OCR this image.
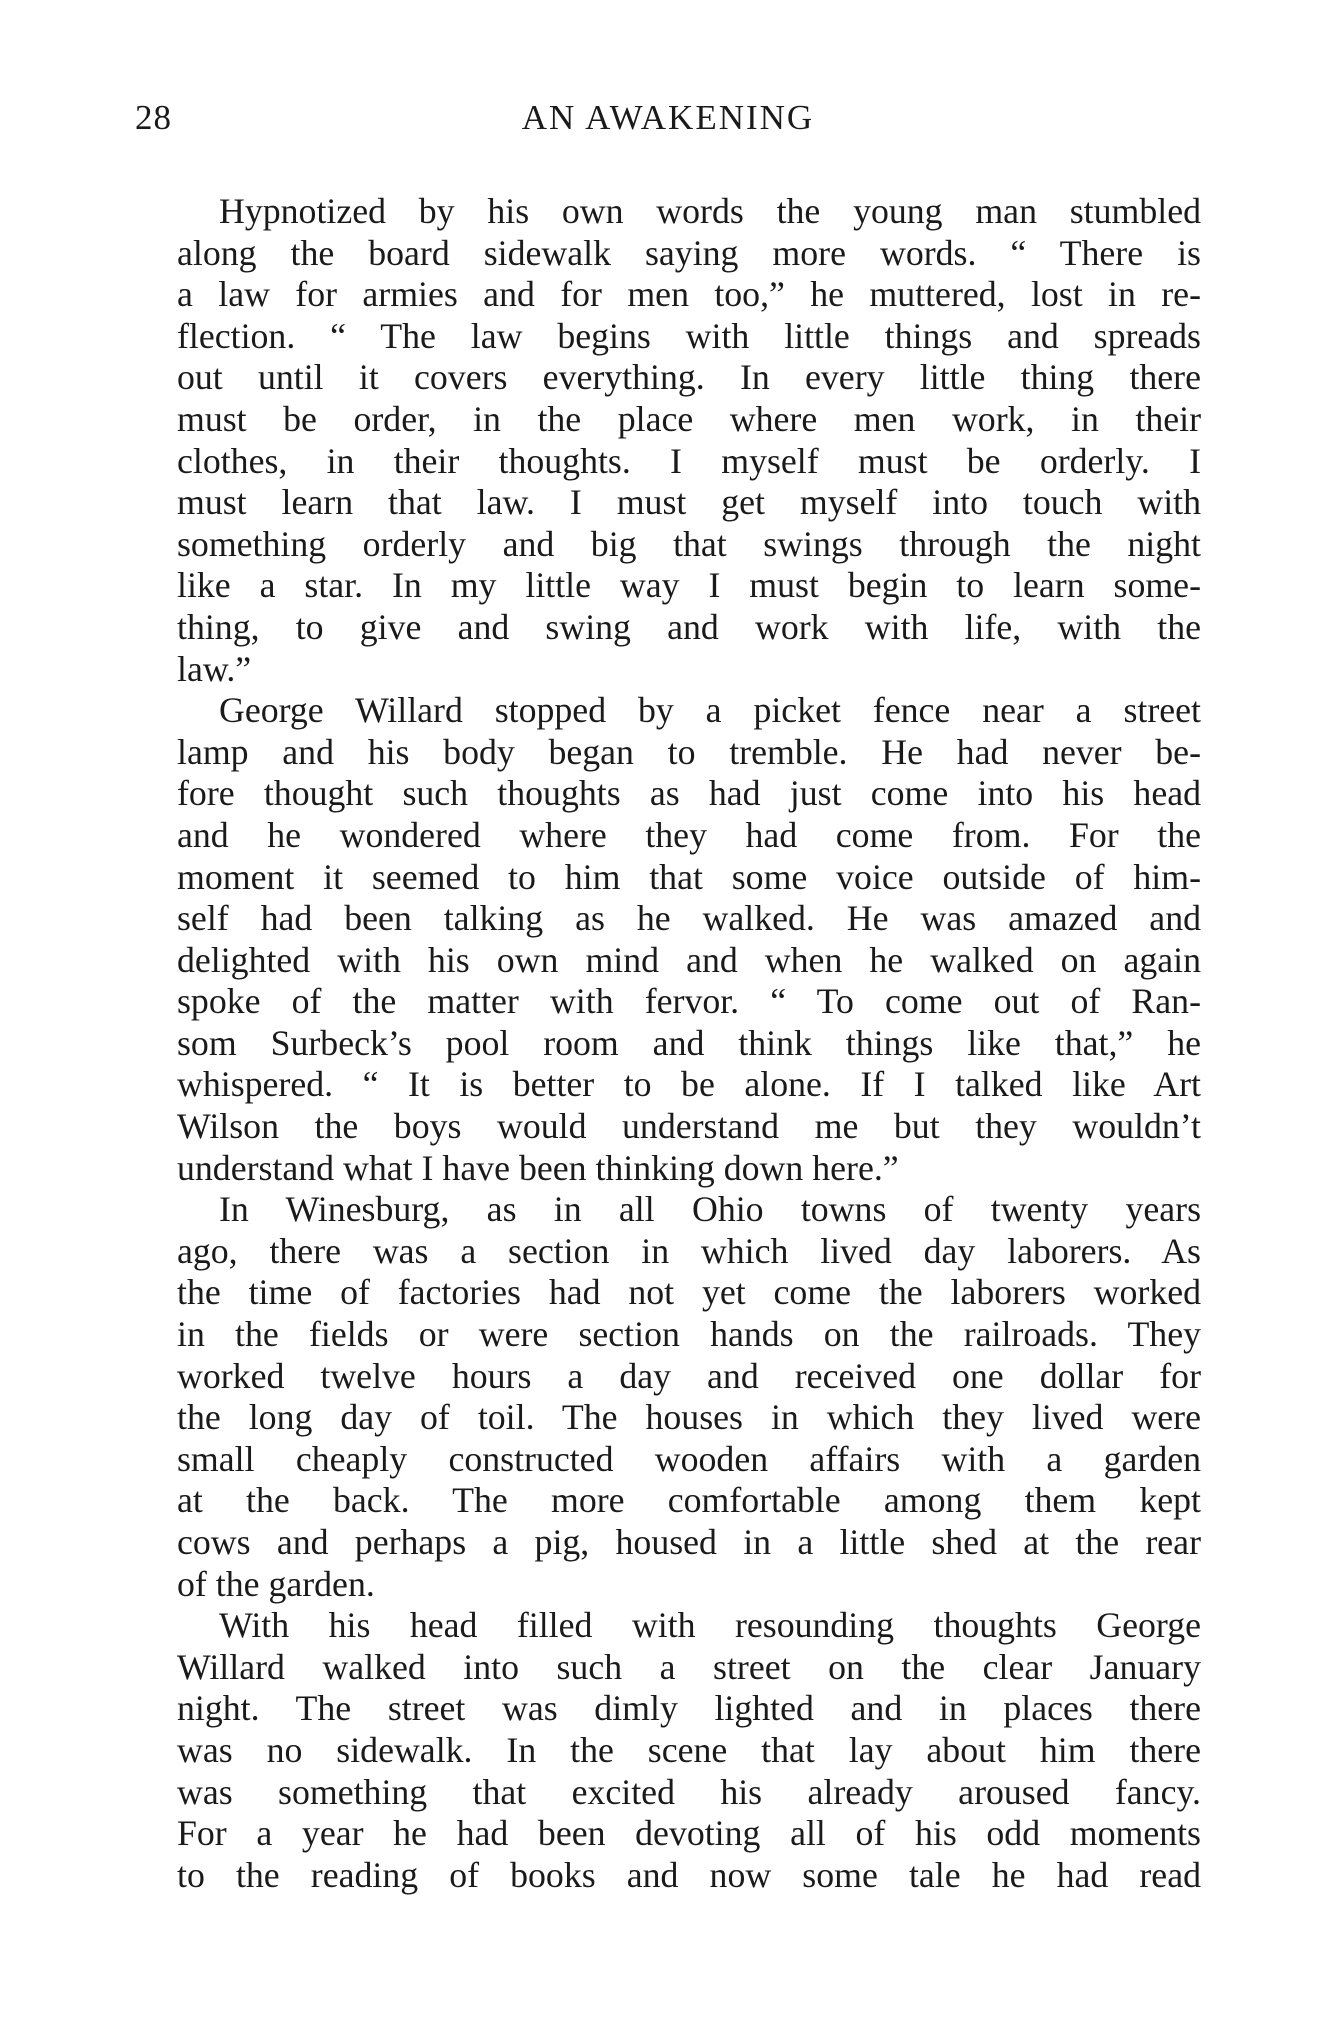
28	AN AWAKENING
Hypnotized by his own words the young man stumbled
along the board sidewalk saying more words. “ There is
a law for armies and for men too,” he muttered, lost in re-
flection. “ The law begins with little things and spreads
out until it covers everything. In every little thing there
must be order, in the place where men work, in their
clothes, in their thoughts. I myself must be orderly. I
must learn that law. I must get myself into touch with
something orderly and big that swings through the night
like a star. In my little way I must begin to learn some-
thing, to give and swing and work with life, with the
law.”
George Willard stopped by a picket fence near a street
lamp and his body began to tremble. He had never be-
fore thought such thoughts as had just come into his head
and he wondered where they had come from. For the
moment it seemed to him that some voice outside of him-
self had been talking as he walked. He was amazed and
delighted with his own mind and when he walked on again
spoke of the matter with fervor. “ To come out of Ran-
som Surbeck’s pool room and think things like that,” he
whispered. “ It is better to be alone. If I talked like Art
Wilson the boys would understand me but they wouldn’t
understand what I have been thinking down here.”
In Winesburg, as in all Ohio towns of twenty years
ago, there was a section in which lived day laborers. As
the time of factories had not yet come the laborers worked
in the fields or were section hands on the railroads. They
worked twelve hours a day and received one dollar for
the long day of toil. The houses in which they lived were
small cheaply constructed wooden affairs with a garden
at the back. The more comfortable among them kept
cows and perhaps a pig, housed in a little shed at the rear
of the garden.
With his head filled with resounding thoughts George
Willard walked into such a street on the clear January
night. The street was dimly lighted and in places there
was no sidewalk. In the scene that lay about him there
was something that excited his already aroused fancy.
For a year he had been devoting all of his odd moments
to the reading of books and now some tale he had read
